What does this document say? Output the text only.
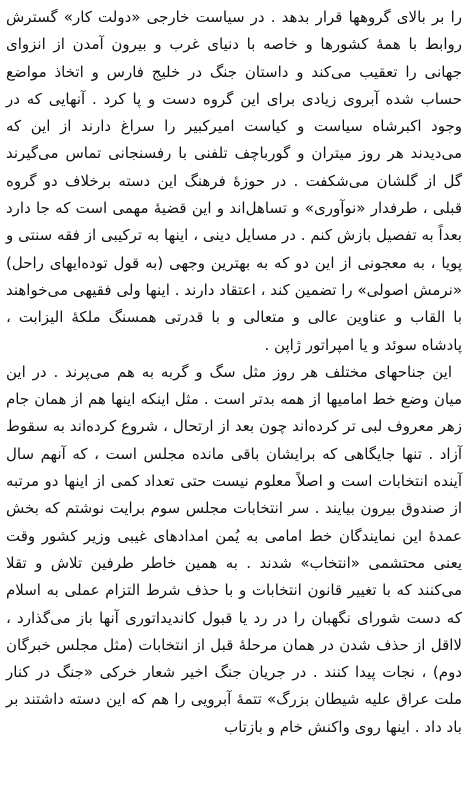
را بر بالای گروهها قرار بدهد . در سیاست خارجی «دولت کار» گسترش روابط با همهٔ کشورها و خاصه با دنیای غرب و بیرون آمدن از انزوای جهانی را تعقیب می‌کند و داستان جنگ در خلیج فارس و اتخاذ مواضع حساب شده آبروی زیادی برای این گروه دست و پا کرد . آنهایی که در وجود اکبرشاه سیاست و کیاست امیرکبیر را سراغ دارند از این که می‌دیدند هر روز میتران و گورباچف تلفنی با رفسنجانی تماس می‌گیرند گل از گلشان می‌شکفت . در حوزهٔ فرهنگ این دسته برخلاف دو گروه قبلی ، طرفدار «نوآوری» و تساهل‌اند و این قضیهٔ مهمی است که جا دارد بعداً به تفصیل بازش کنم . در مسایل دینی ، اینها به ترکیبی از فقه سنتی و پویا ، به معجونی از این دو که به بهترین وجهی (به قول توده‌ایهای راحل) «نرمش اصولی» را تضمین کند ، اعتقاد دارند . اینها ولی فقیهی می‌خواهند با القاب و عناوین عالی و متعالی و با قدرتی همسنگ ملکهٔ الیزابت ، پادشاه سوئد و یا امپراتور ژاپن .

این جناحهای مختلف هر روز مثل سگ و گربه به هم می‌پرند . در این میان وضع خط امامیها از همه بدتر است . مثل اینکه اینها هم از همان جام زهر معروف لبی تر کرده‌اند چون بعد از ارتحال ، شروع کرده‌اند به سقوط آزاد . تنها جایگاهی که برایشان باقی مانده مجلس است ، که آنهم سال آینده انتخابات است و اصلاً معلوم نیست حتی تعداد کمی از اینها دو مرتبه از صندوق بیرون بیایند . سر انتخابات مجلس سوم برایت نوشتم که بخش عمدهٔ این نمایندگان خط امامی به یُمن امدادهای غیبی وزیر کشور وقت یعنی محتشمی «انتخاب» شدند . به همین خاطر طرفین تلاش و تقلا می‌کنند که با تغییر قانون انتخابات و با حذف شرط التزام عملی به اسلام که دست شورای نگهبان را در رد یا قبول کاندیداتوری آنها باز می‌گذارد ، لااقل از حذف شدن در همان مرحلهٔ قبل از انتخابات (مثل مجلس خبرگان دوم) ، نجات پیدا کنند . در جریان جنگ اخیر شعار خرکی «جنگ در کنار ملت عراق علیه شیطان بزرگ» تتمهٔ آبرویی را هم که این دسته داشتند بر باد داد . اینها روی واکنش خام و بازتاب
